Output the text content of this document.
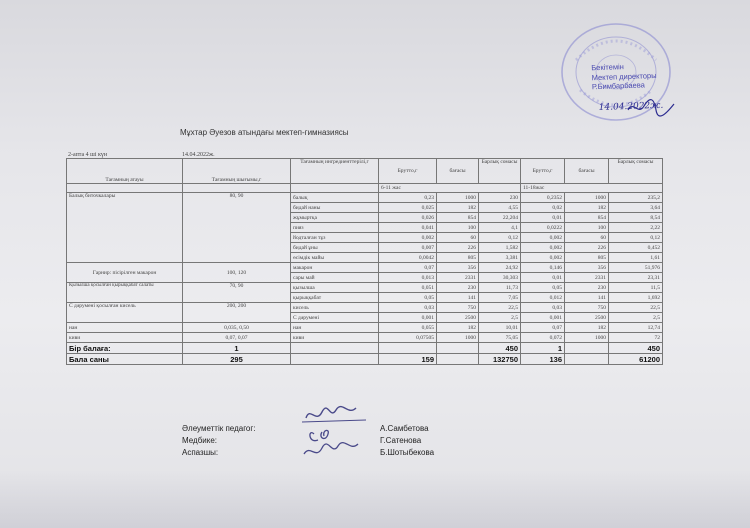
Бекітемін
Мектеп директоры
Р.Бимбарбаева
14.04.2022ж.
Мұхтар Әуезов атындағы мектеп-гимназиясы
2-апта 4 ші күн	14.04.2022ж.
Тағамның атауы	Тағамның шығымы,г	Тағамның ингредиенттерiлi,г	Брутто,г	бағасы	Барлық сомасы	Брутто,г	бағасы	Барлық сомасы
			6-11 жас			11-18жас		
Балық биточкалары	80, 90	балық	0,23	1000	230	0,2352	1000	235,2
		бидай наны	0,025	182	4,55	0,02	182	3,64
		жұмыртқа	0,026	854	22,204	0,01	854	8,54
		пияз	0,041	100	4,1	0,0222	100	2,22
		йодталған тұз	0,002	60	0,12	0,002	60	0,12
		бидай ұны	0,007	226	1,582	0,002	226	0,452
		өсімдік майы	0,0042	805	3,381	0,002	805	1,61
Гарнир: пісірілген макарон	100, 120	макарон	0,07	356	24,92	0,146	356	51,976
		сары май	0,013	2331	30,303	0,01	2331	23,31
Қызылша қосылған қырыққабат салаты	70, 90	қызылша	0,051	230	11,73	0,05	230	11,5
		қырыққабат	0,05	141	7,05	0,012	141	1,692
С дәрумені қосылған кисель	200, 200	кисель	0,03	750	22,5	0,03	750	22,5
		С дәрумені	0,001	2500	2,5	0,001	2500	2,5
нан	0,035, 0,50	нан	0,055	182	10,01	0,07	182	12,74
киви	0,07, 0,07	киви	0,07505	1000	75,05	0,072	1000	72
Бір балаға:	1				450	1		450
Бала саны	295		159		132750	136		61200
Әлеуметтік педагог:
Медбике:
Аспазшы:
А.Самбетова
Г.Сатенова
Б.Шотыбекова
